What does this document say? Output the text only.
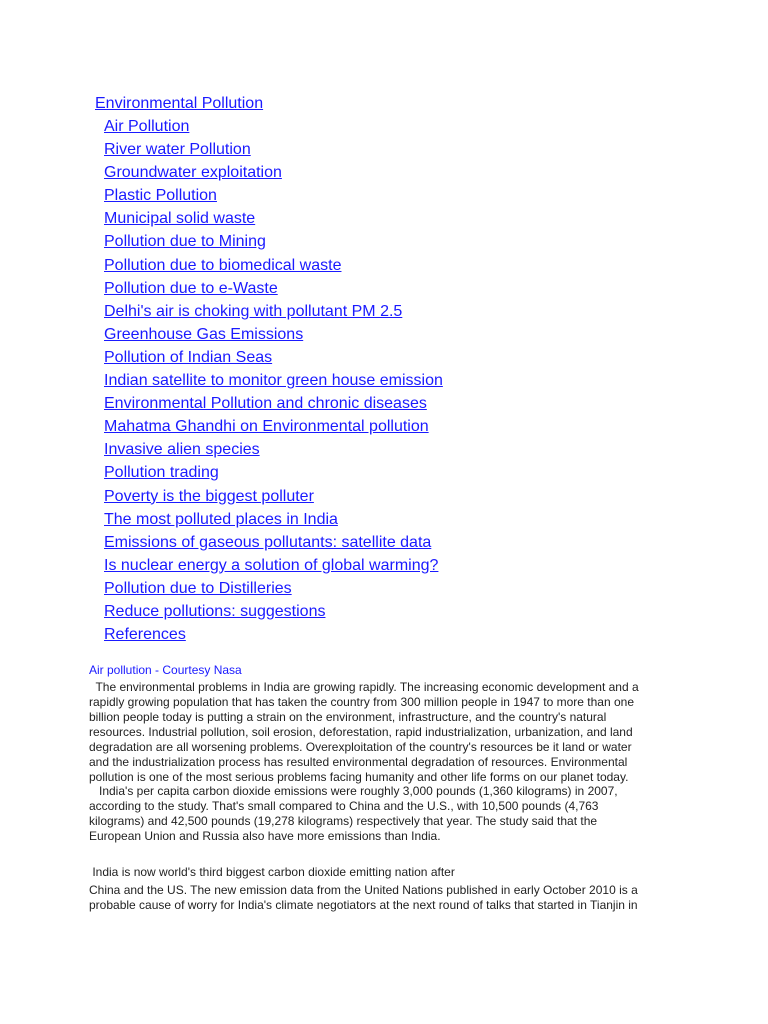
Environmental Pollution
Air Pollution
River water Pollution
Groundwater exploitation
Plastic Pollution
Municipal solid waste
Pollution due to Mining
Pollution due to biomedical waste
Pollution due to e-Waste
Delhi's air is choking with pollutant PM 2.5
Greenhouse Gas Emissions
Pollution of Indian Seas
Indian satellite to monitor green house emission
Environmental Pollution and chronic diseases
Mahatma Ghandhi on Environmental pollution
Invasive alien species
Pollution trading
Poverty is the biggest polluter
The most polluted places in India
Emissions of gaseous pollutants: satellite data
Is nuclear energy a solution of global warming?
Pollution due to Distilleries
Reduce pollutions: suggestions
References
Air pollution - Courtesy Nasa
The environmental problems in India are growing rapidly. The increasing economic development and a
rapidly growing population that has taken the country from 300 million people in 1947 to more than one
billion people today is putting a strain on the environment, infrastructure, and the country's natural
resources. Industrial pollution, soil erosion, deforestation, rapid industrialization, urbanization, and land
degradation are all worsening problems. Overexploitation of the country's resources be it land or water
and the industrialization process has resulted environmental degradation of resources. Environmental
pollution is one of the most serious problems facing humanity and other life forms on our planet today.
India's per capita carbon dioxide emissions were roughly 3,000 pounds (1,360 kilograms) in 2007,
according to the study. That's small compared to China and the U.S., with 10,500 pounds (4,763
kilograms) and 42,500 pounds (19,278 kilograms) respectively that year. The study said that the
European Union and Russia also have more emissions than India.
India is now world's third biggest carbon dioxide emitting nation after
China and the US. The new emission data from the United Nations published in early October 2010 is a
probable cause of worry for India's climate negotiators at the next round of talks that started in Tianjin in
